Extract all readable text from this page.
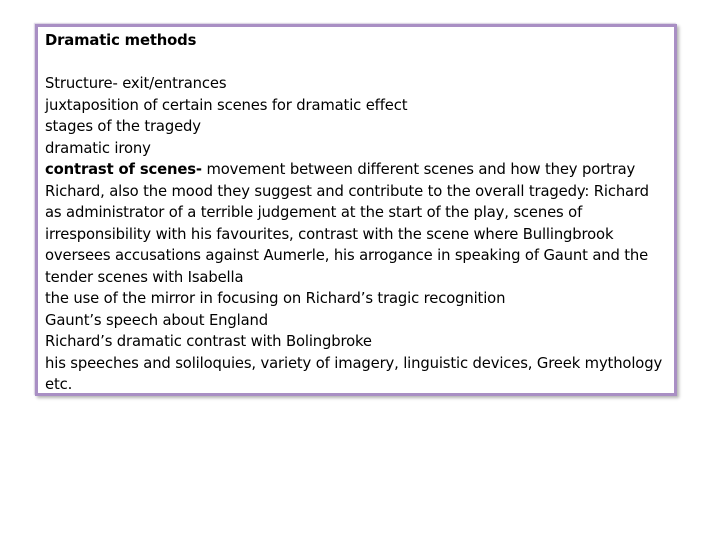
Dramatic methods

Structure- exit/entrances

juxtaposition of certain scenes for dramatic effect

stages of the tragedy

dramatic irony

contrast of scenes- movement between different scenes and how they portray Richard, also the mood they suggest and contribute to the overall tragedy: Richard as administrator of a terrible judgement at the start of the play, scenes of irresponsibility with his favourites, contrast with the scene where Bullingbrook oversees accusations against Aumerle, his arrogance in speaking of Gaunt and the tender scenes with Isabella

the use of the mirror in focusing on Richard’s tragic recognition

Gaunt’s speech about England

Richard’s dramatic contrast with Bolingbroke

his speeches and soliloquies, variety of imagery, linguistic devices, Greek mythology etc.
